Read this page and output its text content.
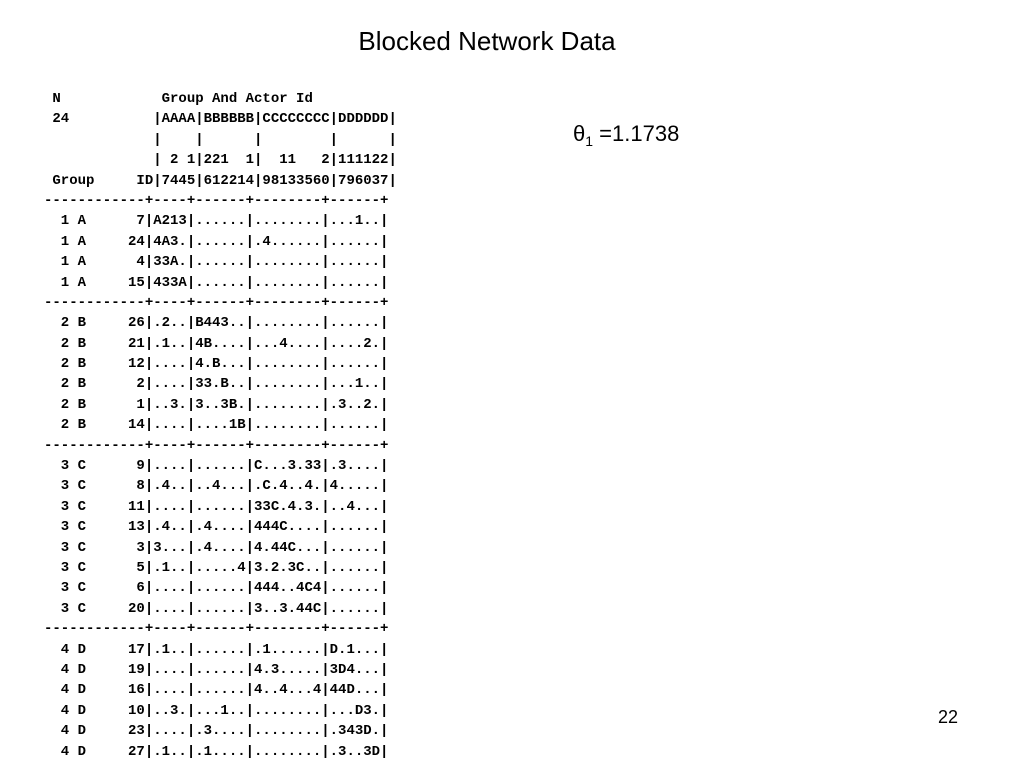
Blocked Network Data
N            Group And Actor Id
24          |AAAA|BBBBBB|CCCCCCCC|DDDDDD|
|    |      |        |      |
| 2 1|221  1|  11   2|111122|
Group     ID|7445|612214|98133560|796037|
------------+----+------+--------+------+
1 A      7|A213|......|........|...1..|
1 A     24|4A3.|......|.4......|......|
1 A      4|33A.|......|........|......|
1 A     15|433A|......|........|......|
------------+----+------+--------+------+
2 B     26|.2..|B443..|........|......|
2 B     21|.1..|4B....|...4....|....2.|
2 B     12|....|4.B...|........|......|
2 B      2|....|33.B..|........|...1..|
2 B      1|..3.|3..3B.|........|.3..2.|
2 B     14|....|....1B|........|......|
------------+----+------+--------+------+
3 C      9|....|......|C...3.33|.3....|
3 C      8|.4..|..4...|.C.4..4.|4.....|
3 C     11|....|......|33C.4.3.|..4...|
3 C     13|.4..|.4....|444C....|......|
3 C      3|3...|.4....|4.44C...|......|
3 C      5|.1..|.....4|3.2.3C..|......|
3 C      6|....|......|444..4C4|......|
3 C     20|....|......|3..3.44C|......|
------------+----+------+--------+------+
4 D     17|.1..|......|.1......|D.1...|
4 D     19|....|......|4.3.....|3D4...|
4 D     16|....|......|4..4...4|44D...|
4 D     10|..3.|...1..|........|...D3.|
4 D     23|....|.3....|........|.343D.|
4 D     27|.1..|.1....|........|.3..3D|
$\theta_1 =1.1738$
22
